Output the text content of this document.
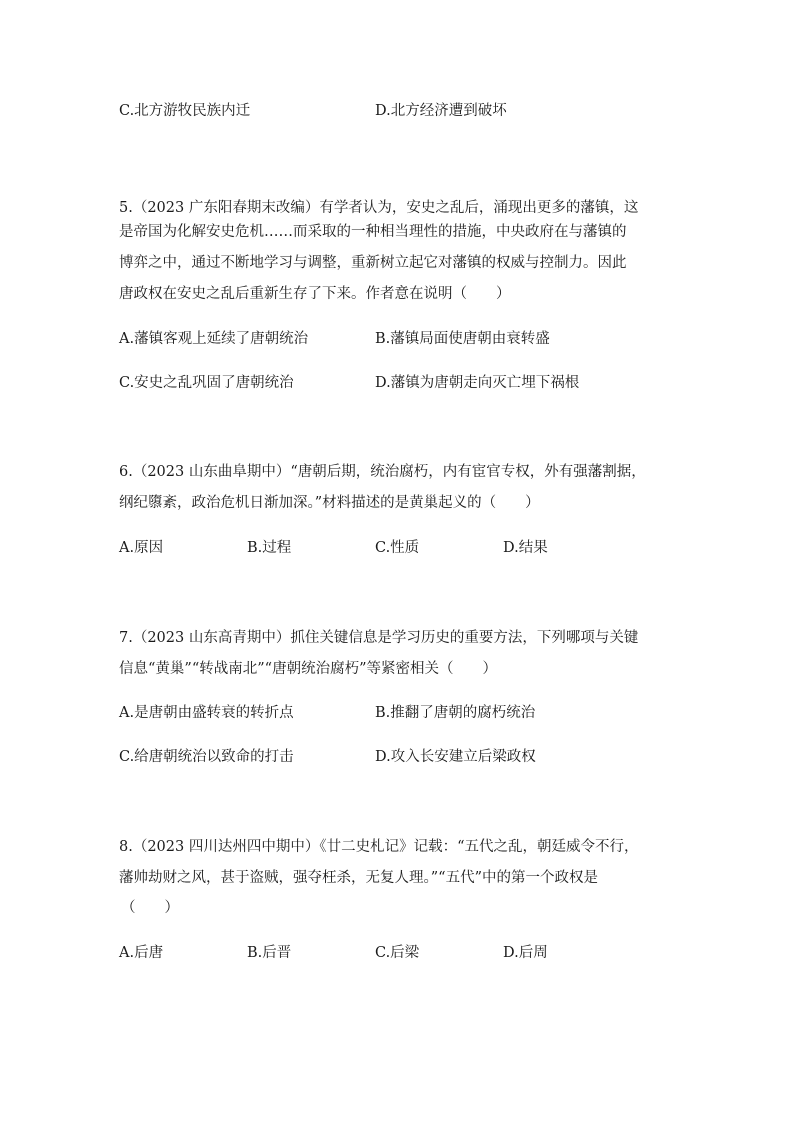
C.北方游牧民族内迁	D.北方经济遭到破坏
5.（2023 广东阳春期末改编）有学者认为，安史之乱后，涌现出更多的藩镇，这
是帝国为化解安史危机……而采取的一种相当理性的措施，中央政府在与藩镇的
博弈之中，通过不断地学习与调整，重新树立起它对藩镇的权威与控制力。因此
唐政权在安史之乱后重新生存了下来。作者意在说明（　　）
A.藩镇客观上延续了唐朝统治	B.藩镇局面使唐朝由衰转盛
C.安史之乱巩固了唐朝统治	D.藩镇为唐朝走向灭亡埋下祸根
6.（2023 山东曲阜期中）“唐朝后期，统治腐朽，内有宦官专权，外有强藩割据，
纲纪隳紊，政治危机日渐加深。”材料描述的是黄巢起义的（　　）
A.原因	B.过程	C.性质	D.结果
7.（2023 山东高青期中）抓住关键信息是学习历史的重要方法，下列哪项与关键
信息“黄巢”“转战南北”“唐朝统治腐朽”等紧密相关（　　）
A.是唐朝由盛转衰的转折点	B.推翻了唐朝的腐朽统治
C.给唐朝统治以致命的打击	D.攻入长安建立后梁政权
8.（2023 四川达州四中期中）《廿二史札记》记载：“五代之乱，朝廷威令不行，
藩帅劫财之风，甚于盗贼，强夺枉杀，无复人理。”“五代”中的第一个政权是
（　　）
A.后唐	B.后晋	C.后梁	D.后周
